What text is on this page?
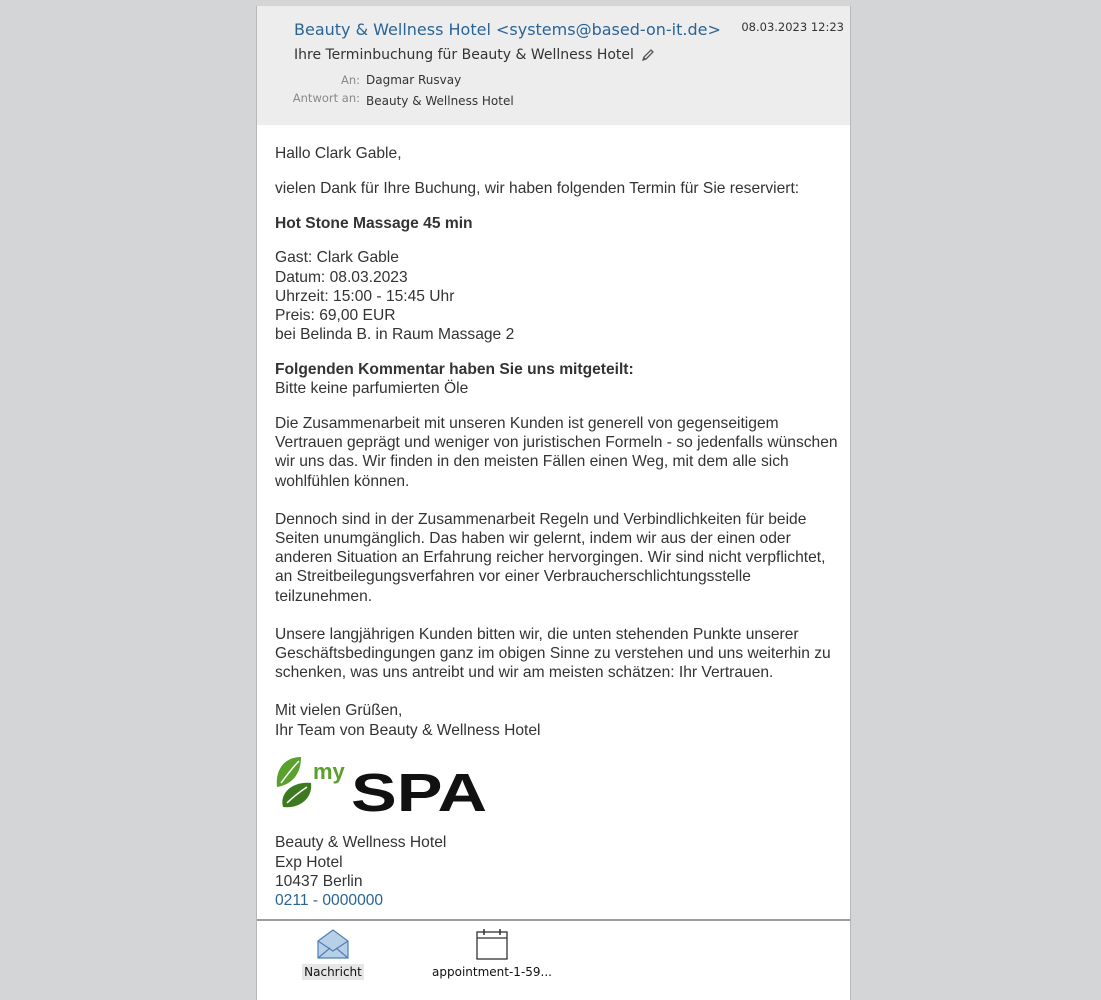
Beauty & Wellness Hotel <systems@based-on-it.de> 08.03.2023 12:23
Ihre Terminbuchung für Beauty & Wellness Hotel
An: Dagmar Rusvay
Antwort an: Beauty & Wellness Hotel

Hallo Clark Gable,

vielen Dank für Ihre Buchung, wir haben folgenden Termin für Sie reserviert:

Hot Stone Massage 45 min

Gast: Clark Gable
Datum: 08.03.2023
Uhrzeit: 15:00 - 15:45 Uhr
Preis: 69,00 EUR
bei Belinda B. in Raum Massage 2

Folgenden Kommentar haben Sie uns mitgeteilt:
Bitte keine parfumierten Öle

Die Zusammenarbeit mit unseren Kunden ist generell von gegenseitigem Vertrauen geprägt und weniger von juristischen Formeln - so jedenfalls wünschen wir uns das. Wir finden in den meisten Fällen einen Weg, mit dem alle sich wohlfühlen können.

Dennoch sind in der Zusammenarbeit Regeln und Verbindlichkeiten für beide Seiten unumgänglich. Das haben wir gelernt, indem wir aus der einen oder anderen Situation an Erfahrung reicher hervorgingen. Wir sind nicht verpflichtet, an Streitbeilegungsverfahren vor einer Verbraucherschlichtungsstelle teilzunehmen.

Unsere langjährigen Kunden bitten wir, die unten stehenden Punkte unserer Geschäftsbedingungen ganz im obigen Sinne zu verstehen und uns weiterhin zu schenken, was uns antreibt und wir am meisten schätzen: Ihr Vertrauen.

Mit vielen Grüßen,
Ihr Team von Beauty & Wellness Hotel

my SPA

Beauty & Wellness Hotel
Exp Hotel
10437 Berlin
0211 - 0000000

Nachricht	appointment-1-59...
